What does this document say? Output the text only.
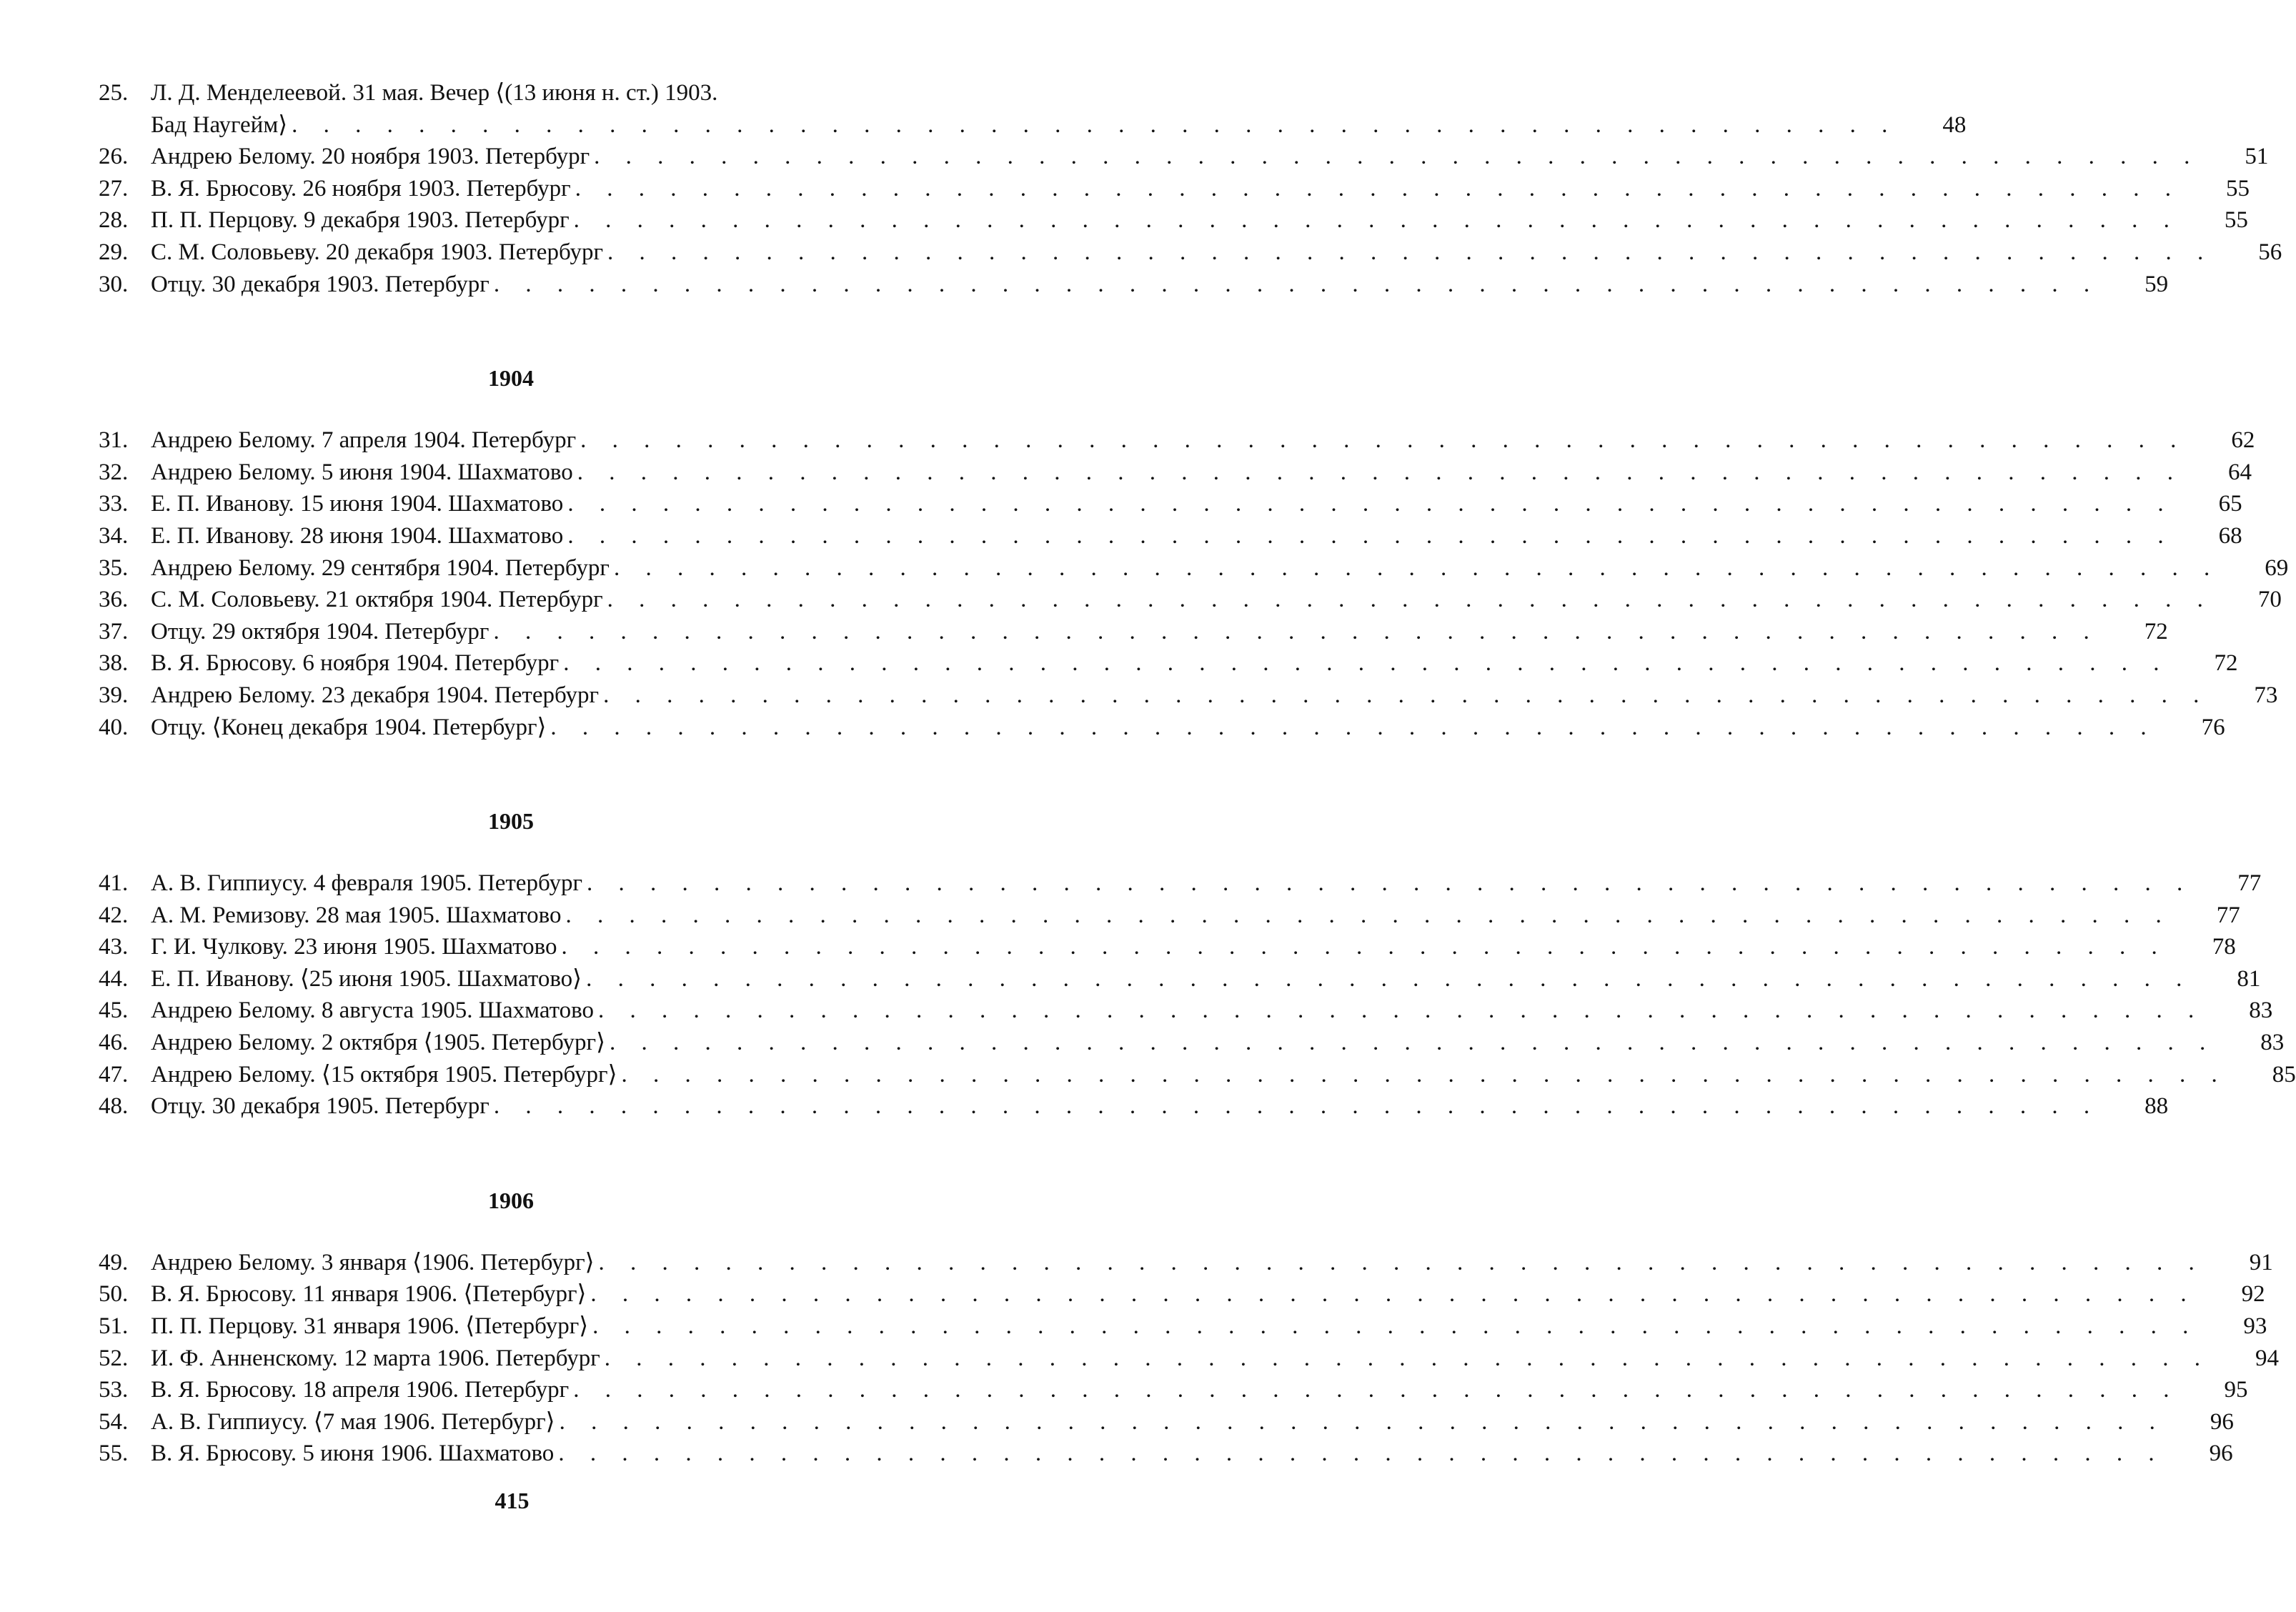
25. Л. Д. Менделеевой. 31 мая. Вечер ⟨(13 июня н. ст.) 1903.
Бад Наугейм⟩ . . .	48
26. Андрею Белому. 20 ноября 1903. Петербург . . .	51
27. В. Я. Брюсову. 26 ноября 1903. Петербург . . .	55
28. П. П. Перцову. 9 декабря 1903. Петербург . . .	55
29. С. М. Соловьеву. 20 декабря 1903. Петербург . . .	56
30. Отцу. 30 декабря 1903. Петербург . . .	59
1904
31. Андрею Белому. 7 апреля 1904. Петербург . . .	62
32. Андрею Белому. 5 июня 1904. Шахматово . . .	64
33. Е. П. Иванову. 15 июня 1904. Шахматово . . .	65
34. Е. П. Иванову. 28 июня 1904. Шахматово . . .	68
35. Андрею Белому. 29 сентября 1904. Петербург . . .	69
36. С. М. Соловьеву. 21 октября 1904. Петербург . . .	70
37. Отцу. 29 октября 1904. Петербург . . .	72
38. В. Я. Брюсову. 6 ноября 1904. Петербург . . .	72
39. Андрею Белому. 23 декабря 1904. Петербург . . .	73
40. Отцу. ⟨Конец декабря 1904. Петербург⟩ . . .	76
1905
41. А. В. Гиппиусу. 4 февраля 1905. Петербург . . .	77
42. А. М. Ремизову. 28 мая 1905. Шахматово . . .	77
43. Г. И. Чулкову. 23 июня 1905. Шахматово . . .	78
44. Е. П. Иванову. ⟨25 июня 1905. Шахматово⟩ . . .	81
45. Андрею Белому. 8 августа 1905. Шахматово . . .	83
46. Андрею Белому. 2 октября ⟨1905. Петербург⟩ . . .	83
47. Андрею Белому. ⟨15 октября 1905. Петербург⟩ . . .	85
48. Отцу. 30 декабря 1905. Петербург . . .	88
1906
49. Андрею Белому. 3 января ⟨1906. Петербург⟩ . . .	91
50. В. Я. Брюсову. 11 января 1906. ⟨Петербург⟩ . . .	92
51. П. П. Перцову. 31 января 1906. ⟨Петербург⟩ . . .	93
52. И. Ф. Анненскому. 12 марта 1906. Петербург . . .	94
53. В. Я. Брюсову. 18 апреля 1906. Петербург . . .	95
54. А. В. Гиппиусу. ⟨7 мая 1906. Петербург⟩ . . .	96
55. В. Я. Брюсову. 5 июня 1906. Шахматово . . .	96
415
